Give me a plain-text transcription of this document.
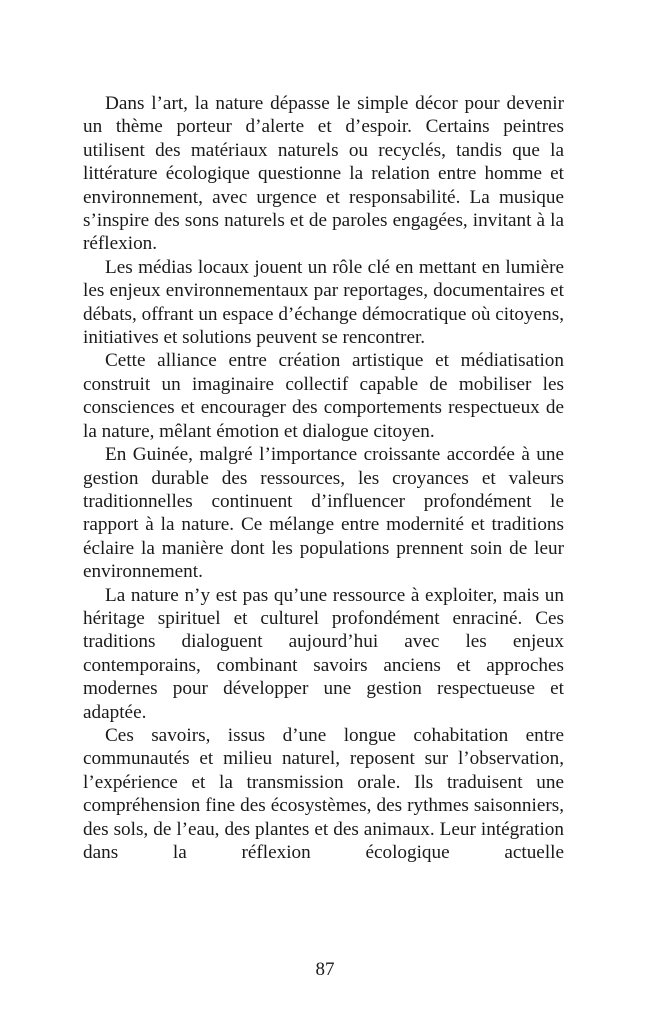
Dans l’art, la nature dépasse le simple décor pour devenir un thème porteur d’alerte et d’espoir. Certains peintres utilisent des matériaux naturels ou recyclés, tandis que la littérature écologique questionne la relation entre homme et environnement, avec urgence et responsabilité. La musique s’inspire des sons naturels et de paroles engagées, invitant à la réflexion.

Les médias locaux jouent un rôle clé en mettant en lumière les enjeux environnementaux par reportages, documentaires et débats, offrant un espace d’échange démocratique où citoyens, initiatives et solutions peuvent se rencontrer.

Cette alliance entre création artistique et médiatisation construit un imaginaire collectif capable de mobiliser les consciences et encourager des comportements respectueux de la nature, mêlant émotion et dialogue citoyen.

En Guinée, malgré l’importance croissante accordée à une gestion durable des ressources, les croyances et valeurs traditionnelles continuent d’influencer profondément le rapport à la nature. Ce mélange entre modernité et traditions éclaire la manière dont les populations prennent soin de leur environnement.

La nature n’y est pas qu’une ressource à exploiter, mais un héritage spirituel et culturel profondément enraciné. Ces traditions dialoguent aujourd’hui avec les enjeux contemporains, combinant savoirs anciens et approches modernes pour développer une gestion respectueuse et adaptée.

Ces savoirs, issus d’une longue cohabitation entre communautés et milieu naturel, reposent sur l’observation, l’expérience et la transmission orale. Ils traduisent une compréhension fine des écosystèmes, des rythmes saisonniers, des sols, de l’eau, des plantes et des animaux. Leur intégration dans la réflexion écologique actuelle

87
